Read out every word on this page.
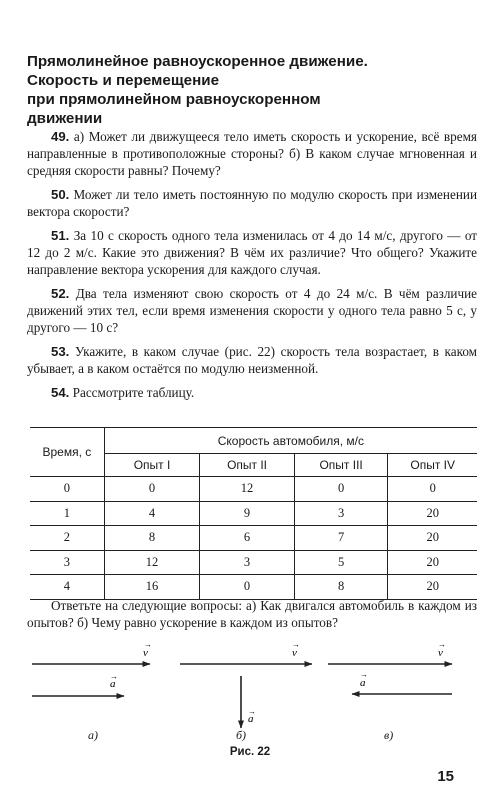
Прямолинейное равноускоренное движение.
Скорость и перемещение
при прямолинейном равноускоренном
движении

49. а) Может ли движущееся тело иметь скорость и ускорение, всё время направленные в противоположные стороны? б) В каком случае мгновенная и средняя скорости равны? Почему?

50. Может ли тело иметь постоянную по модулю скорость при изменении вектора скорости?

51. За 10 с скорость одного тела изменилась от 4 до 14 м/с, другого — от 12 до 2 м/с. Какие это движения? В чём их различие? Что общего? Укажите направление вектора ускорения для каждого случая.

52. Два тела изменяют свою скорость от 4 до 24 м/с. В чём различие движений этих тел, если время изменения скорости у одного тела равно 5 с, у другого — 10 с?

53. Укажите, в каком случае (рис. 22) скорость тела возрастает, в каком убывает, а в каком остаётся по модулю неизменной.

54. Рассмотрите таблицу.

Время, с	Скорость автомобиля, м/с			
	Опыт I	Опыт II	Опыт III	Опыт IV
0	0	12	0	0
1	4	9	3	20
2	8	6	7	20
3	12	3	5	20
4	16	0	8	20

Ответьте на следующие вопросы: а) Как двигался автомобиль в каждом из опытов? б) Чему равно ускорение в каждом из опытов?

v
→
a
→
v
→
a
→
v
→
a
→
а)	б)	в)
Рис. 22
15
